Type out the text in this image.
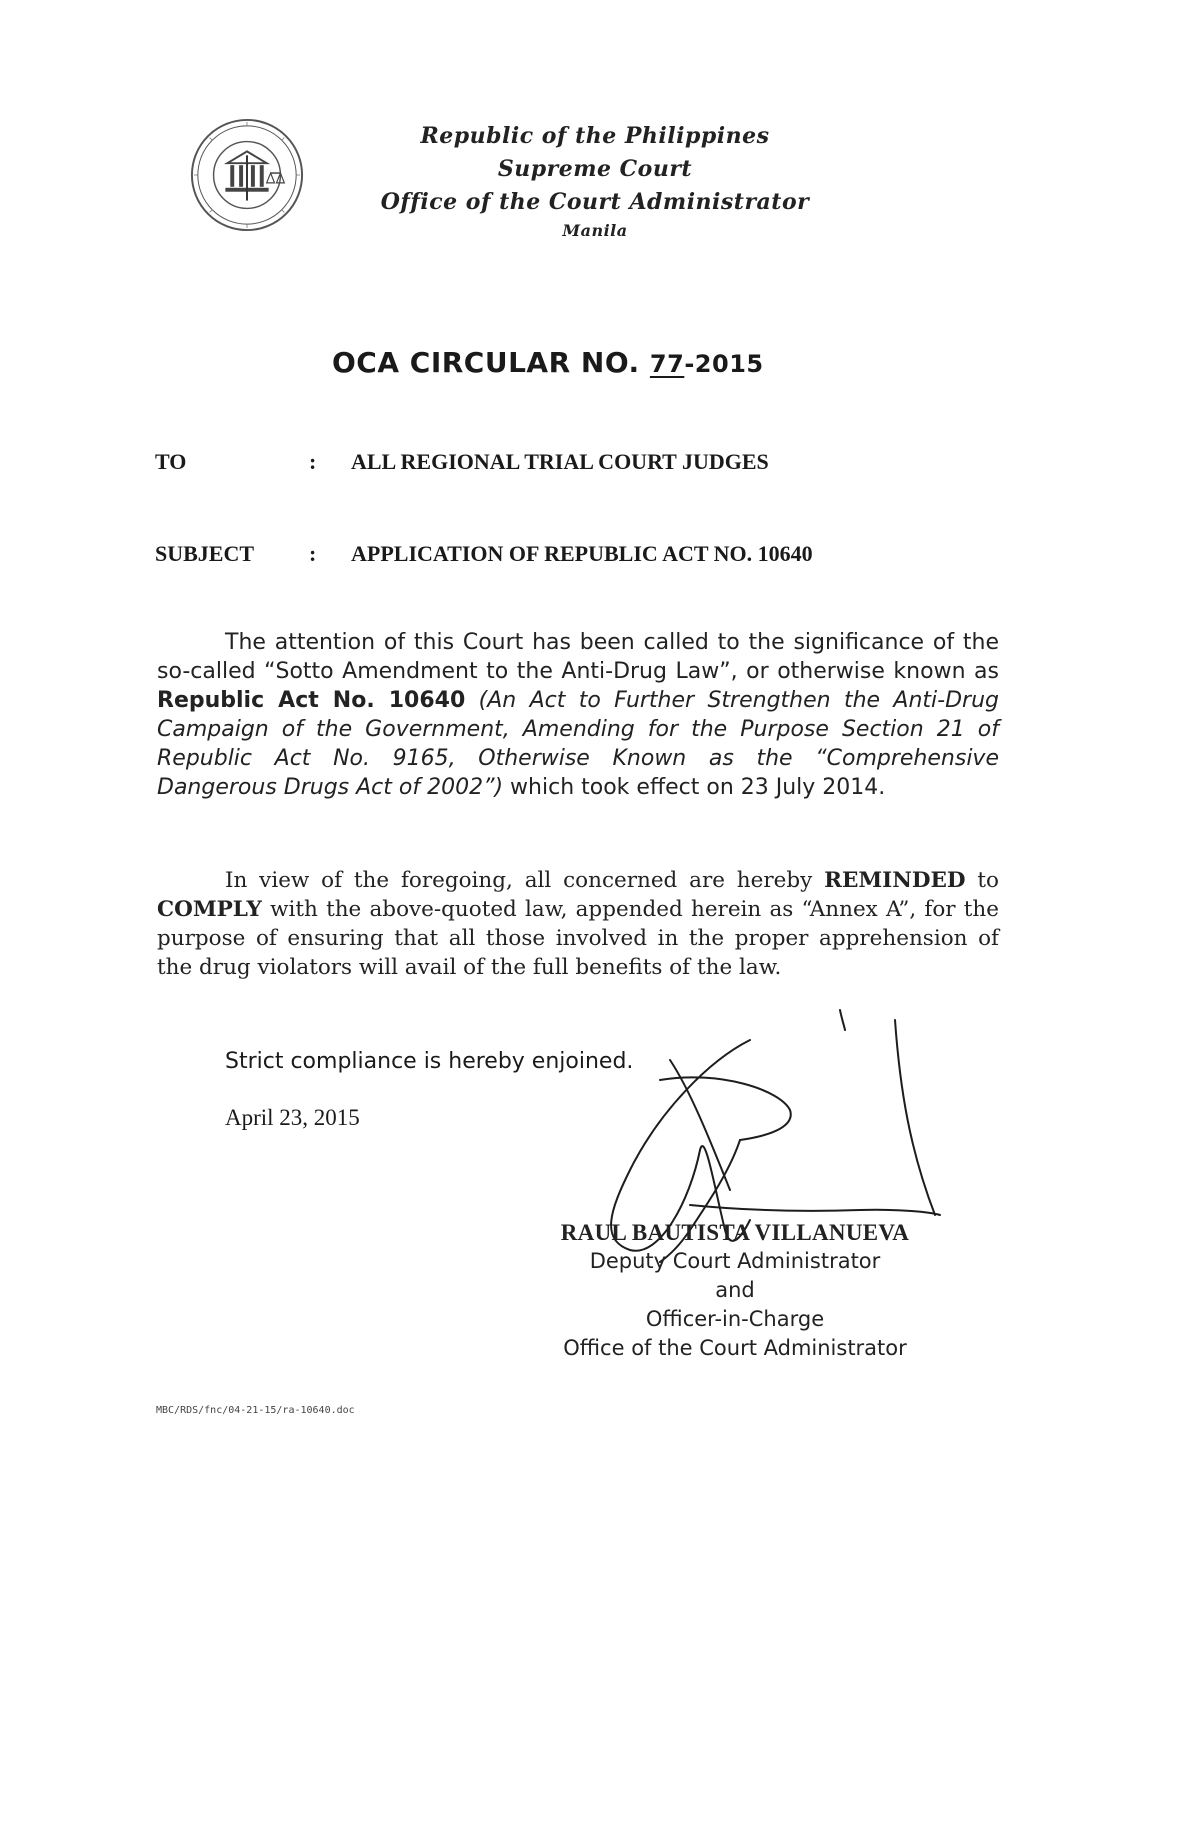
Republic of the Philippines
Supreme Court
Office of the Court Administrator
Manila
OCA CIRCULAR NO. 77-2015
TO	: ALL REGIONAL TRIAL COURT JUDGES
SUBJECT	: APPLICATION OF REPUBLIC ACT NO. 10640
The attention of this Court has been called to the significance of the so-called “Sotto Amendment to the Anti-Drug Law”, or otherwise known as Republic Act No. 10640 (An Act to Further Strengthen the Anti-Drug Campaign of the Government, Amending for the Purpose Section 21 of Republic Act No. 9165, Otherwise Known as the “Comprehensive Dangerous Drugs Act of 2002”) which took effect on 23 July 2014.
In view of the foregoing, all concerned are hereby REMINDED to COMPLY with the above-quoted law, appended herein as “Annex A”, for the purpose of ensuring that all those involved in the proper apprehension of the drug violators will avail of the full benefits of the law.
Strict compliance is hereby enjoined.
April 23, 2015
RAUL BAUTISTA VILLANUEVA
Deputy Court Administrator
and
Officer-in-Charge
Office of the Court Administrator
MBC/RDS/fnc/04-21-15/ra-10640.doc
